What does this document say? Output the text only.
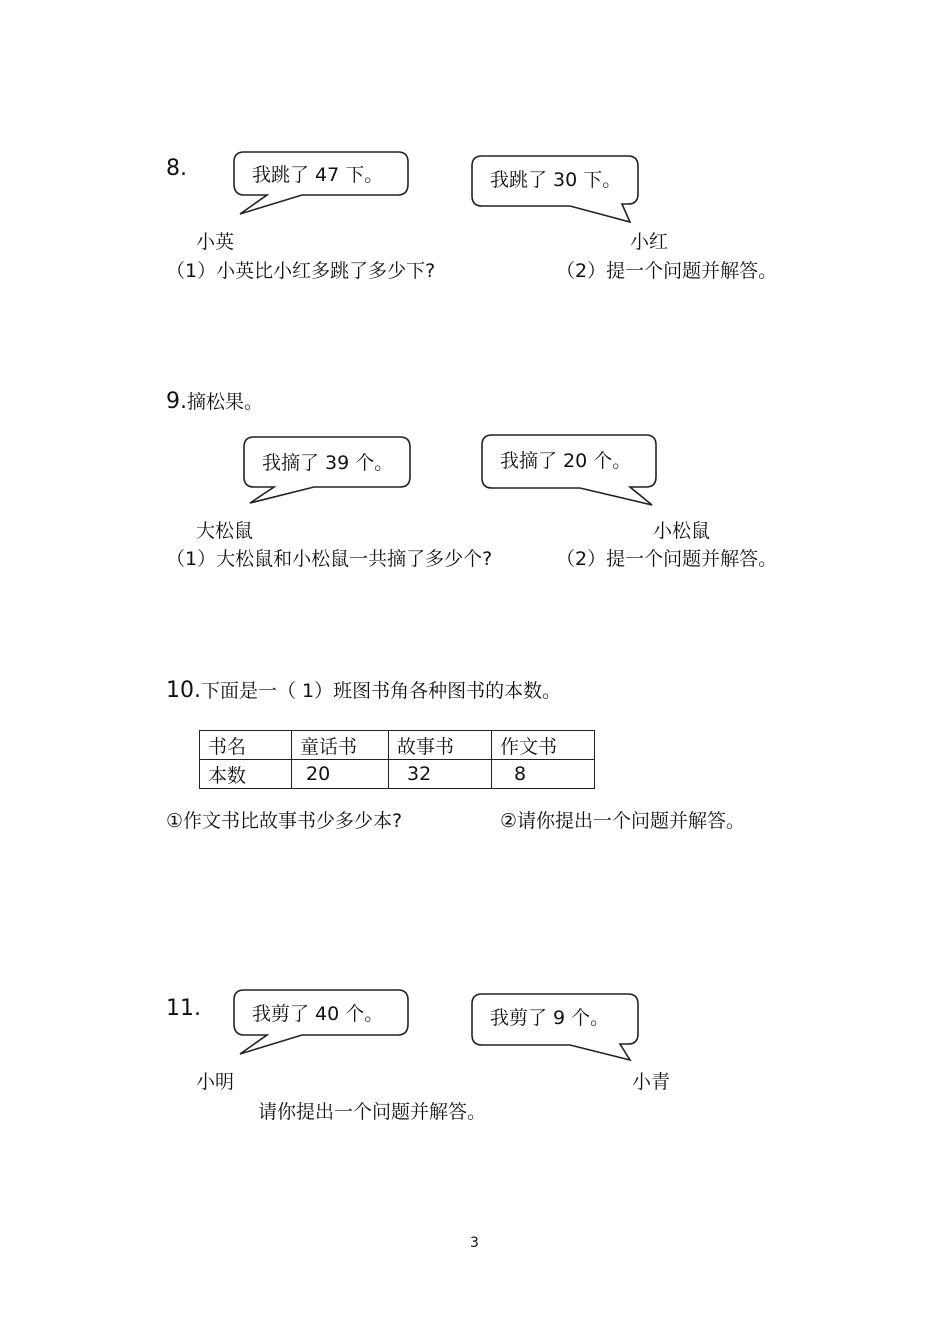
8.	我跳了 47 下。	我跳了 30 下。
小英	小红
（1）小英比小红多跳了多少下?	（2）提一个问题并解答。
9.摘松果。
我摘了 39 个。	我摘了 20 个。
大松鼠	小松鼠
（1）大松鼠和小松鼠一共摘了多少个?	（2）提一个问题并解答。
10.下面是一（ 1）班图书角各种图书的本数。
书名	童话书	故事书	作文书
本数	20	32	8
①作文书比故事书少多少本?	②请你提出一个问题并解答。
11.	我剪了 40 个。	我剪了 9 个。
小明	小青
请你提出一个问题并解答。
3
